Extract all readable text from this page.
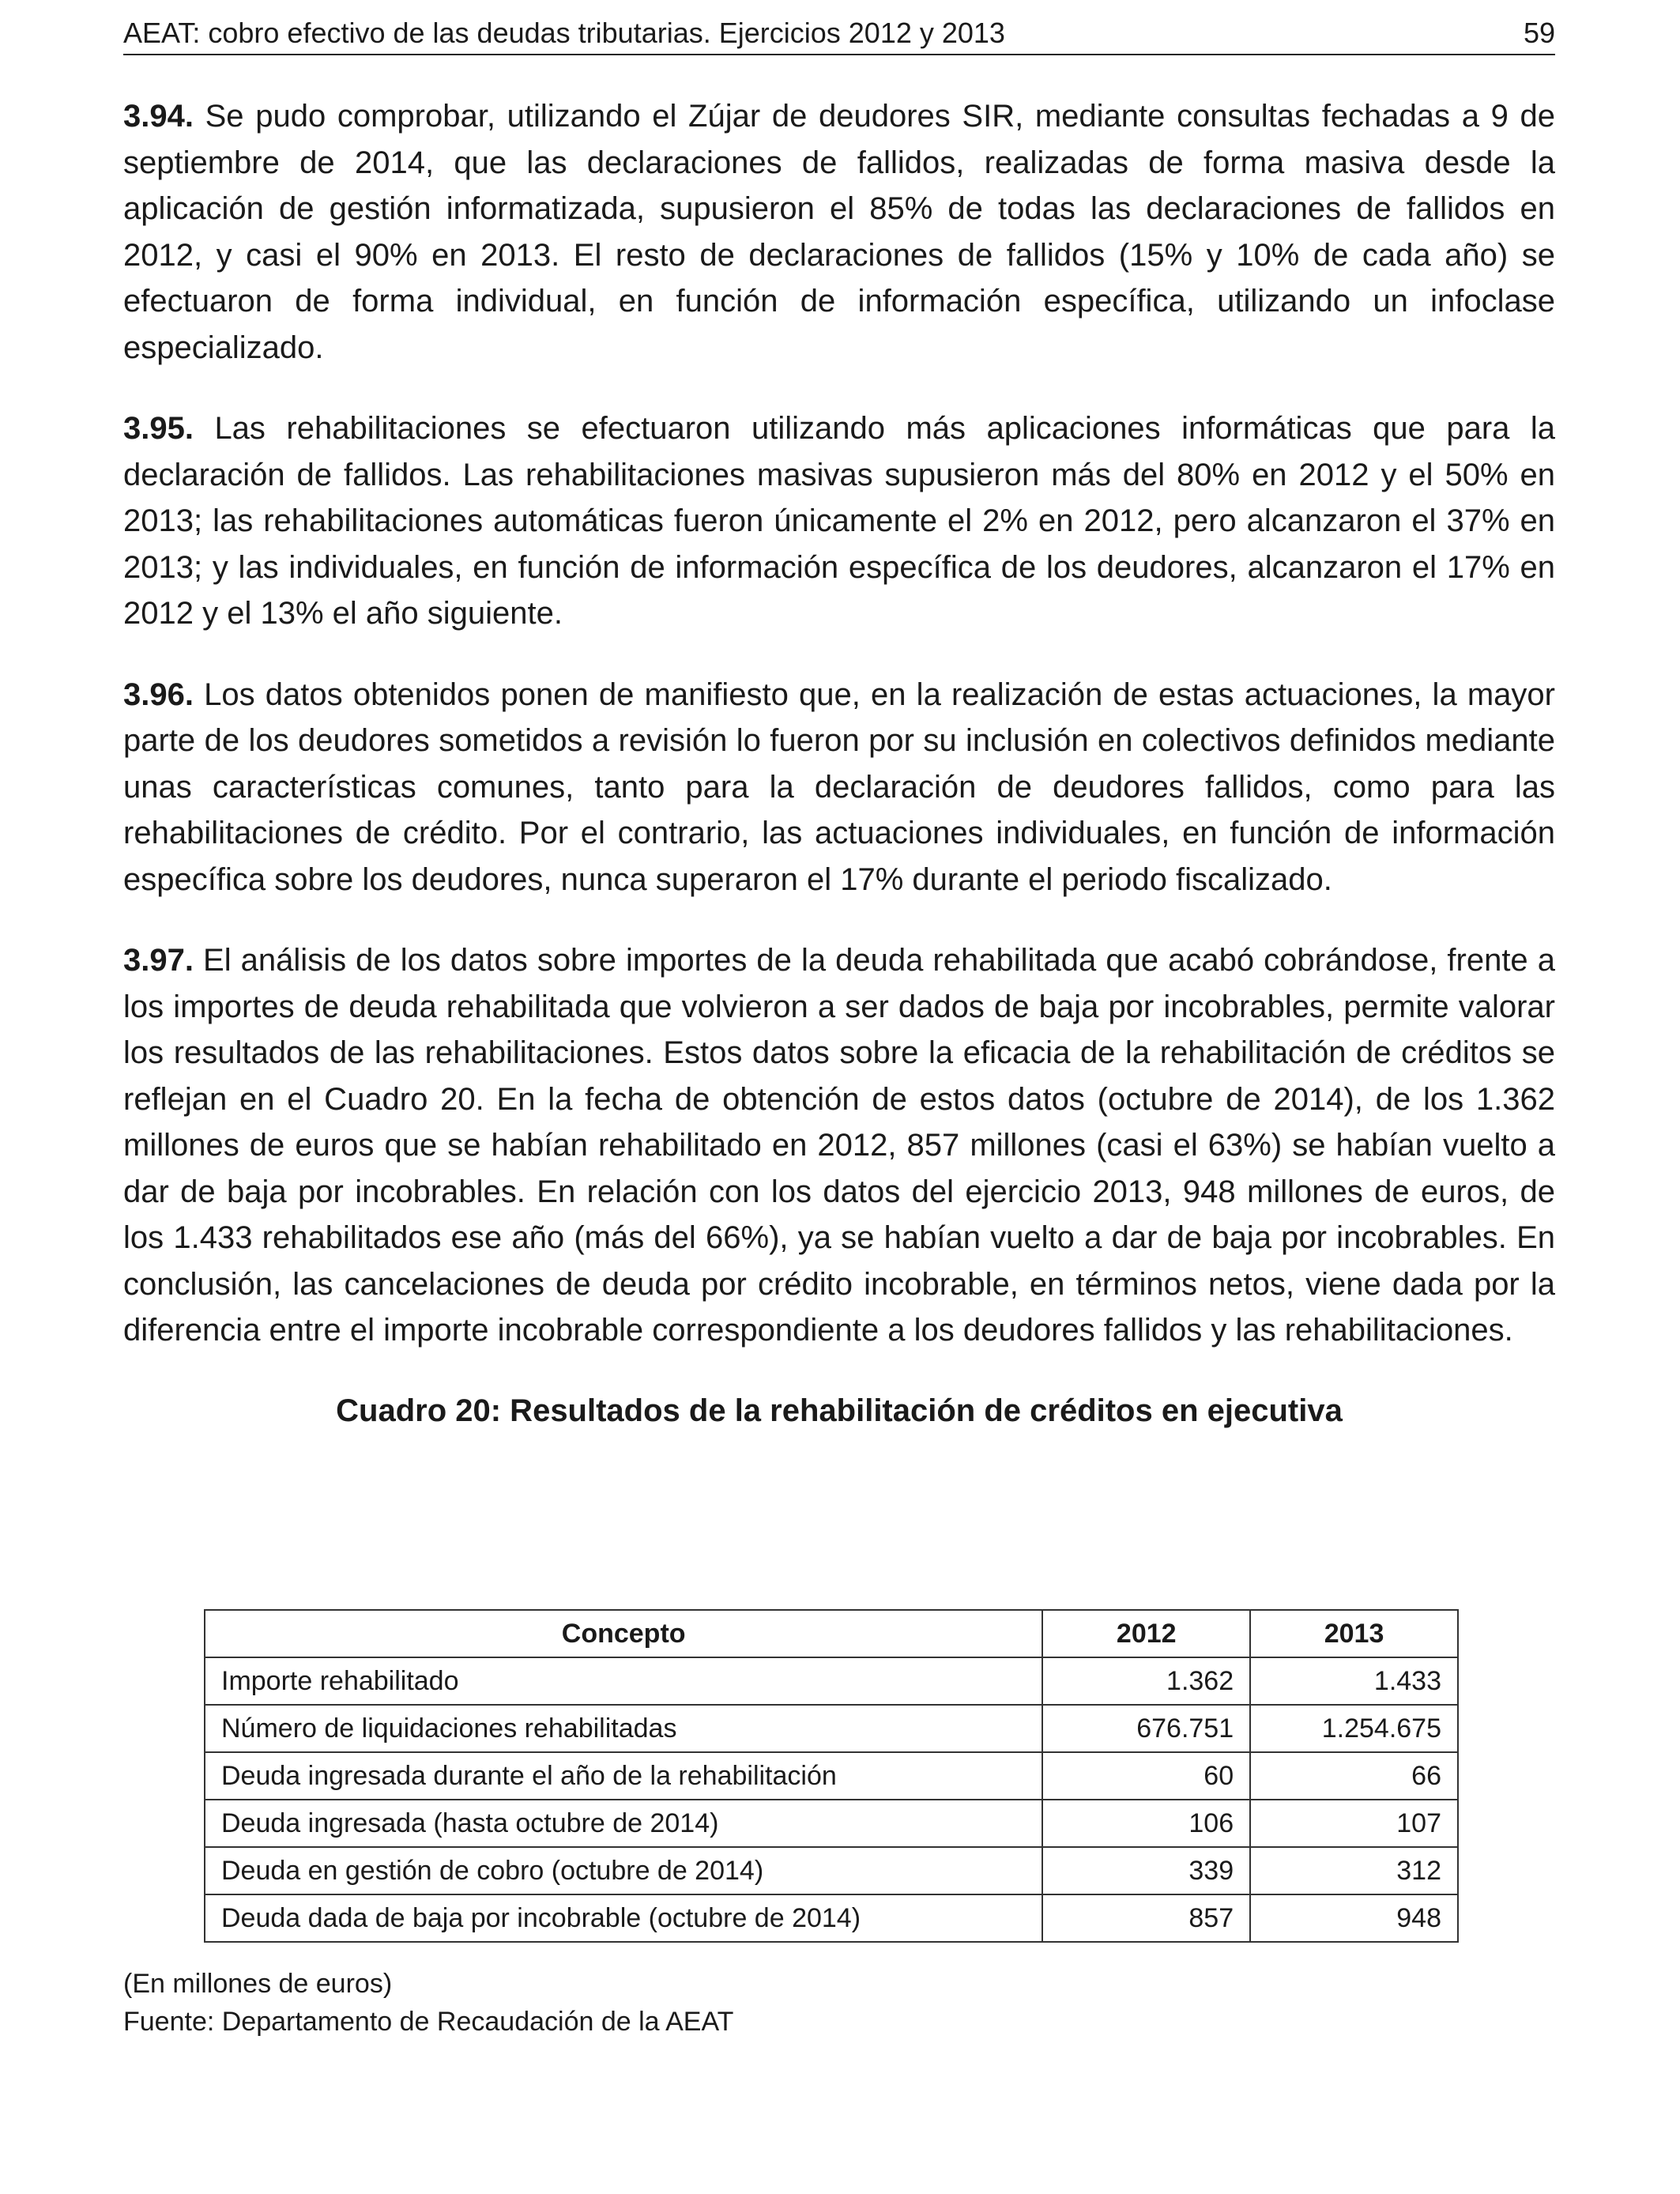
AEAT: cobro efectivo de las deudas tributarias. Ejercicios 2012 y 2013	59

3.94. Se pudo comprobar, utilizando el Zújar de deudores SIR, mediante consultas fechadas a 9 de septiembre de 2014, que las declaraciones de fallidos, realizadas de forma masiva desde la aplicación de gestión informatizada, supusieron el 85% de todas las declaraciones de fallidos en 2012, y casi el 90% en 2013. El resto de declaraciones de fallidos (15% y 10% de cada año) se efectuaron de forma individual, en función de información específica, utilizando un infoclase especializado.

3.95. Las rehabilitaciones se efectuaron utilizando más aplicaciones informáticas que para la declaración de fallidos. Las rehabilitaciones masivas supusieron más del 80% en 2012 y el 50% en 2013; las rehabilitaciones automáticas fueron únicamente el 2% en 2012, pero alcanzaron el 37% en 2013; y las individuales, en función de información específica de los deudores, alcanzaron el 17% en 2012 y el 13% el año siguiente.

3.96. Los datos obtenidos ponen de manifiesto que, en la realización de estas actuaciones, la mayor parte de los deudores sometidos a revisión lo fueron por su inclusión en colectivos definidos mediante unas características comunes, tanto para la declaración de deudores fallidos, como para las rehabilitaciones de crédito. Por el contrario, las actuaciones individuales, en función de información específica sobre los deudores, nunca superaron el 17% durante el periodo fiscalizado.

3.97. El análisis de los datos sobre importes de la deuda rehabilitada que acabó cobrándose, frente a los importes de deuda rehabilitada que volvieron a ser dados de baja por incobrables, permite valorar los resultados de las rehabilitaciones. Estos datos sobre la eficacia de la rehabilitación de créditos se reflejan en el Cuadro 20. En la fecha de obtención de estos datos (octubre de 2014), de los 1.362 millones de euros que se habían rehabilitado en 2012, 857 millones (casi el 63%) se habían vuelto a dar de baja por incobrables. En relación con los datos del ejercicio 2013, 948 millones de euros, de los 1.433 rehabilitados ese año (más del 66%), ya se habían vuelto a dar de baja por incobrables. En conclusión, las cancelaciones de deuda por crédito incobrable, en términos netos, viene dada por la diferencia entre el importe incobrable correspondiente a los deudores fallidos y las rehabilitaciones.

Cuadro 20: Resultados de la rehabilitación de créditos en ejecutiva

Concepto	2012	2013
Importe rehabilitado	1.362	1.433
Número de liquidaciones rehabilitadas	676.751	1.254.675
Deuda ingresada durante el año de la rehabilitación	60	66
Deuda ingresada (hasta octubre de 2014)	106	107
Deuda en gestión de cobro (octubre de 2014)	339	312
Deuda dada de baja por incobrable (octubre de 2014)	857	948
(En millones de euros)
Fuente: Departamento de Recaudación de la AEAT
